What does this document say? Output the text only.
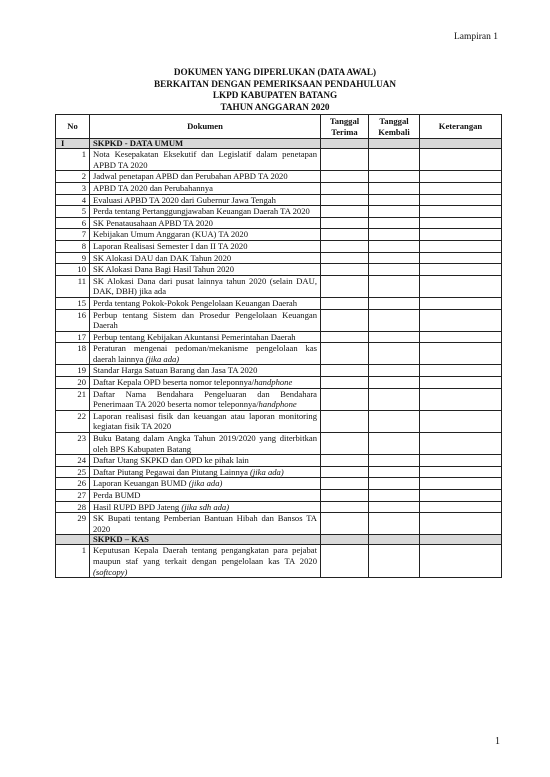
Lampiran 1
DOKUMEN YANG DIPERLUKAN (DATA AWAL)
BERKAITAN DENGAN PEMERIKSAAN PENDAHULUAN
LKPD KABUPATEN BATANG
TAHUN ANGGARAN 2020
No	Dokumen	Tanggal Terima	Tanggal Kembali	Keterangan
I	SKPKD - DATA UMUM			
1	Nota Kesepakatan Eksekutif dan Legislatif dalam penetapan APBD TA 2020			
2	Jadwal penetapan APBD dan Perubahan APBD TA 2020			
3	APBD TA 2020 dan Perubahannya			
4	Evaluasi APBD TA 2020 dari Gubernur Jawa Tengah			
5	Perda tentang Pertanggungjawaban Keuangan Daerah TA 2020			
6	SK Penatausahaan APBD TA 2020			
7	Kebijakan Umum Anggaran (KUA) TA 2020			
8	Laporan Realisasi Semester I dan II TA 2020			
9	SK Alokasi DAU dan DAK Tahun 2020			
10	SK Alokasi Dana Bagi Hasil Tahun 2020			
11	SK Alokasi Dana dari pusat lainnya tahun 2020 (selain DAU, DAK, DBH) jika ada			
15	Perda tentang Pokok-Pokok Pengelolaan Keuangan Daerah			
16	Perbup tentang Sistem dan Prosedur Pengelolaan Keuangan Daerah			
17	Perbup tentang Kebijakan Akuntansi Pemerintahan Daerah			
18	Peraturan mengenai pedoman/mekanisme pengelolaan kas daerah lainnya (jika ada)			
19	Standar Harga Satuan Barang dan Jasa TA 2020			
20	Daftar Kepala OPD beserta nomor teleponnya/handphone			
21	Daftar Nama Bendahara Pengeluaran dan Bendahara Penerimaan TA 2020 beserta nomor teleponnya/handphone			
22	Laporan realisasi fisik dan keuangan atau laporan monitoring kegiatan fisik TA 2020			
23	Buku Batang dalam Angka Tahun 2019/2020 yang diterbitkan oleh BPS Kabupaten Batang			
24	Daftar Utang SKPKD dan OPD ke pihak lain			
25	Daftar Piutang Pegawai dan Piutang Lainnya (jika ada)			
26	Laporan Keuangan BUMD (jika ada)			
27	Perda BUMD			
28	Hasil RUPD BPD Jateng (jika sdh ada)			
29	SK Bupati tentang Pemberian Bantuan Hibah dan Bansos TA 2020			
	SKPKD – KAS			
1	Keputusan Kepala Daerah tentang pengangkatan para pejabat maupun staf yang terkait dengan pengelolaan kas TA 2020 (softcopy)			
1
